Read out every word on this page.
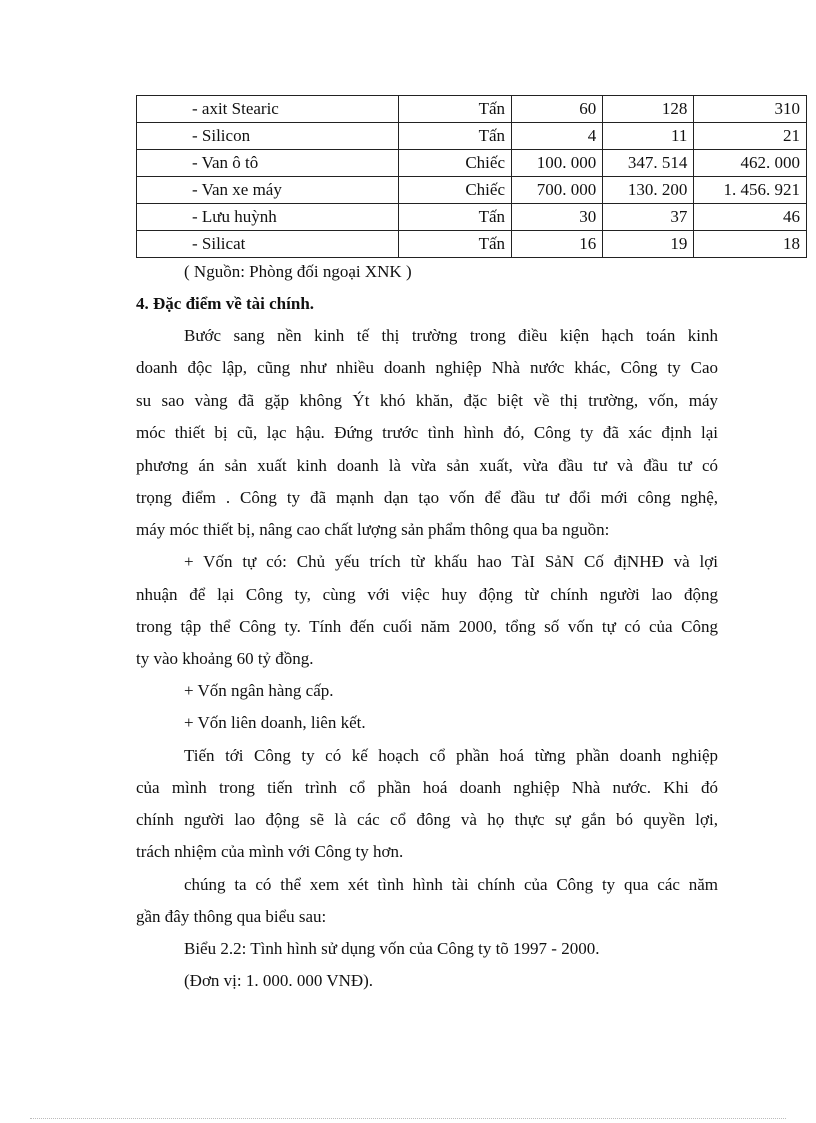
- axit Stearic	Tấn	60	128	310
- Silicon	Tấn	4	11	21
- Van ô tô	Chiếc	100. 000	347. 514	462. 000
- Van xe máy	Chiếc	700. 000	130. 200	1. 456. 921
- Lưu huỳnh	Tấn	30	37	46
- Silicat	Tấn	16	19	18
( Nguồn: Phòng đối ngoại XNK )
4. Đặc điểm về tài chính.
Bước sang nền kinh tế thị trường trong điều kiện hạch toán kinh
doanh độc lập, cũng như nhiều doanh nghiệp Nhà nước khác, Công ty Cao
su sao vàng đã gặp không Ýt khó khăn, đặc biệt về thị trường, vốn, máy
móc thiết bị cũ, lạc hậu. Đứng trước tình hình đó, Công ty đã xác định lại
phương án sản xuất kinh doanh là vừa sản xuất, vừa đầu tư và đầu tư có
trọng điểm . Công ty đã mạnh dạn tạo vốn để đầu tư đổi mới công nghệ,
máy móc thiết bị, nâng cao chất lượng sản phẩm thông qua ba nguồn:
+ Vốn tự có: Chủ yếu trích từ khấu hao TàI SảN Cố địNHĐ và lợi
nhuận để lại Công ty, cùng với việc huy động từ chính người lao động
trong tập thể Công ty. Tính đến cuối năm 2000, tổng số vốn tự có của Công
ty vào khoảng 60 tỷ đồng.
+ Vốn ngân hàng cấp.
+ Vốn liên doanh, liên kết.
Tiến tới Công ty có kế hoạch cổ phần hoá từng phần doanh nghiệp
của mình trong tiến trình cổ phần hoá doanh nghiệp Nhà nước. Khi đó
chính người lao động sẽ là các cổ đông và họ thực sự gắn bó quyền lợi,
trách nhiệm của mình với Công ty hơn.
chúng ta có thể xem xét tình hình tài chính của Công ty qua các năm
gần đây thông qua biểu sau:
Biểu 2.2: Tình hình sử dụng vốn của Công ty tõ 1997 - 2000.
(Đơn vị: 1. 000. 000 VNĐ).
